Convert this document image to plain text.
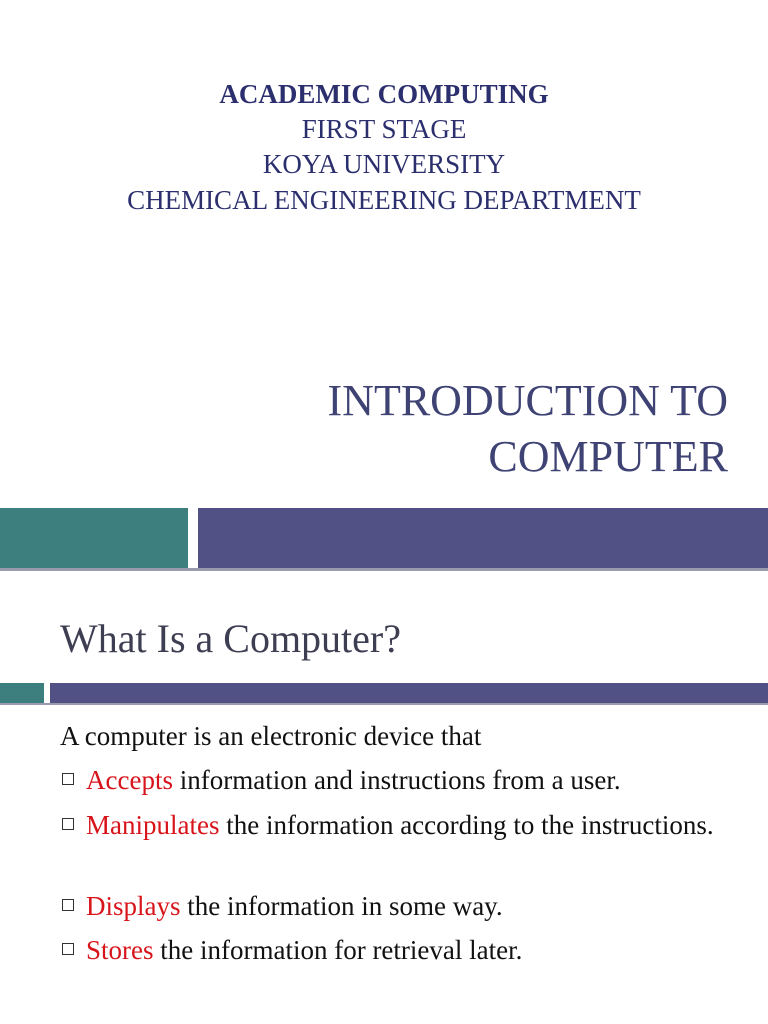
ACADEMIC COMPUTING
FIRST STAGE
KOYA UNIVERSITY
CHEMICAL ENGINEERING DEPARTMENT
INTRODUCTION TO
COMPUTER
What Is a Computer?
A computer is an electronic device that
Accepts information and instructions from a user.
Manipulates the information according to the instructions.
Displays the information in some way.
Stores the information for retrieval later.
